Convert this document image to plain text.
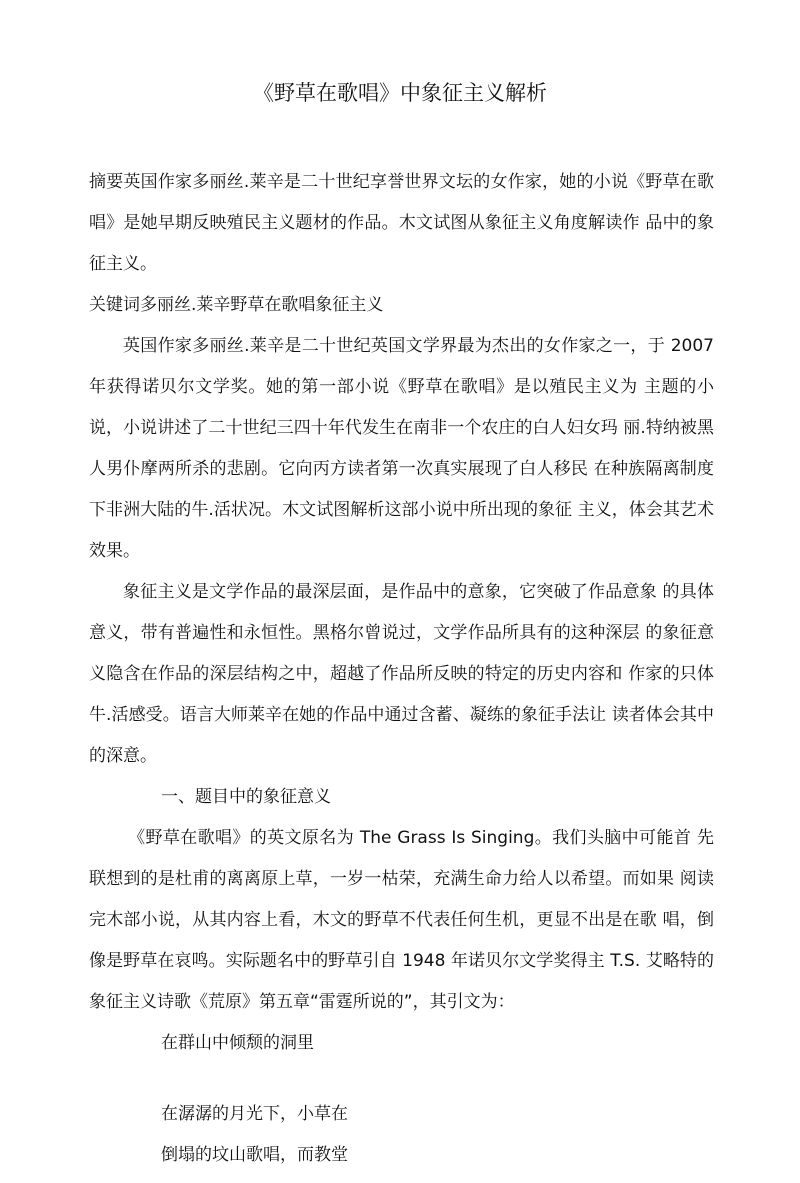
《野草在歌唱》中象征主义解析

摘要英国作家多丽丝.莱辛是二十世纪享誉世界文坛的女作家，她的小说《野草在歌唱》是她早期反映殖民主义题材的作品。木文试图从象征主义角度解读作 品中的象征主义。

关键词多丽丝.莱辛野草在歌唱象征主义

英国作家多丽丝.莱辛是二十世纪英国文学界最为杰出的女作家之一，于 2007 年获得诺贝尔文学奖。她的第一部小说《野草在歌唱》是以殖民主义为 主题的小说，小说讲述了二十世纪三四十年代发生在南非一个农庄的白人妇女玛 丽.特纳被黑人男仆摩两所杀的悲剧。它向丙方读者第一次真实展现了白人移民 在种族隔离制度下非洲大陆的牛.活状况。木文试图解析这部小说中所出现的象征 主义，体会其艺术效果。

象征主义是文学作品的最深层面，是作品中的意象，它突破了作品意象 的具体意义，带有普遍性和永恒性。黑格尔曾说过，文学作品所具有的这种深层 的象征意义隐含在作品的深层结构之中，超越了作品所反映的特定的历史内容和 作家的只体牛.活感受。语言大师莱辛在她的作品中通过含蓄、凝练的象征手法让 读者体会其中的深意。

一、题目中的象征意义

《野草在歌唱》的英文原名为 The Grass Is Singing。我们头脑中可能首 先联想到的是杜甫的离离原上草，一岁一枯荣，充满生命力给人以希望。而如果 阅读完木部小说，从其内容上看，木文的野草不代表任何生机，更显不出是在歌 唱，倒像是野草在哀鸣。实际题名中的野草引自 1948 年诺贝尔文学奖得主 T.S. 艾略特的象征主义诗歌《荒原》第五章“雷霆所说的”，其引文为：

在群山中倾颓的洞里

在潺潺的月光下，小草在

倒塌的坟山歌唱，而教堂
